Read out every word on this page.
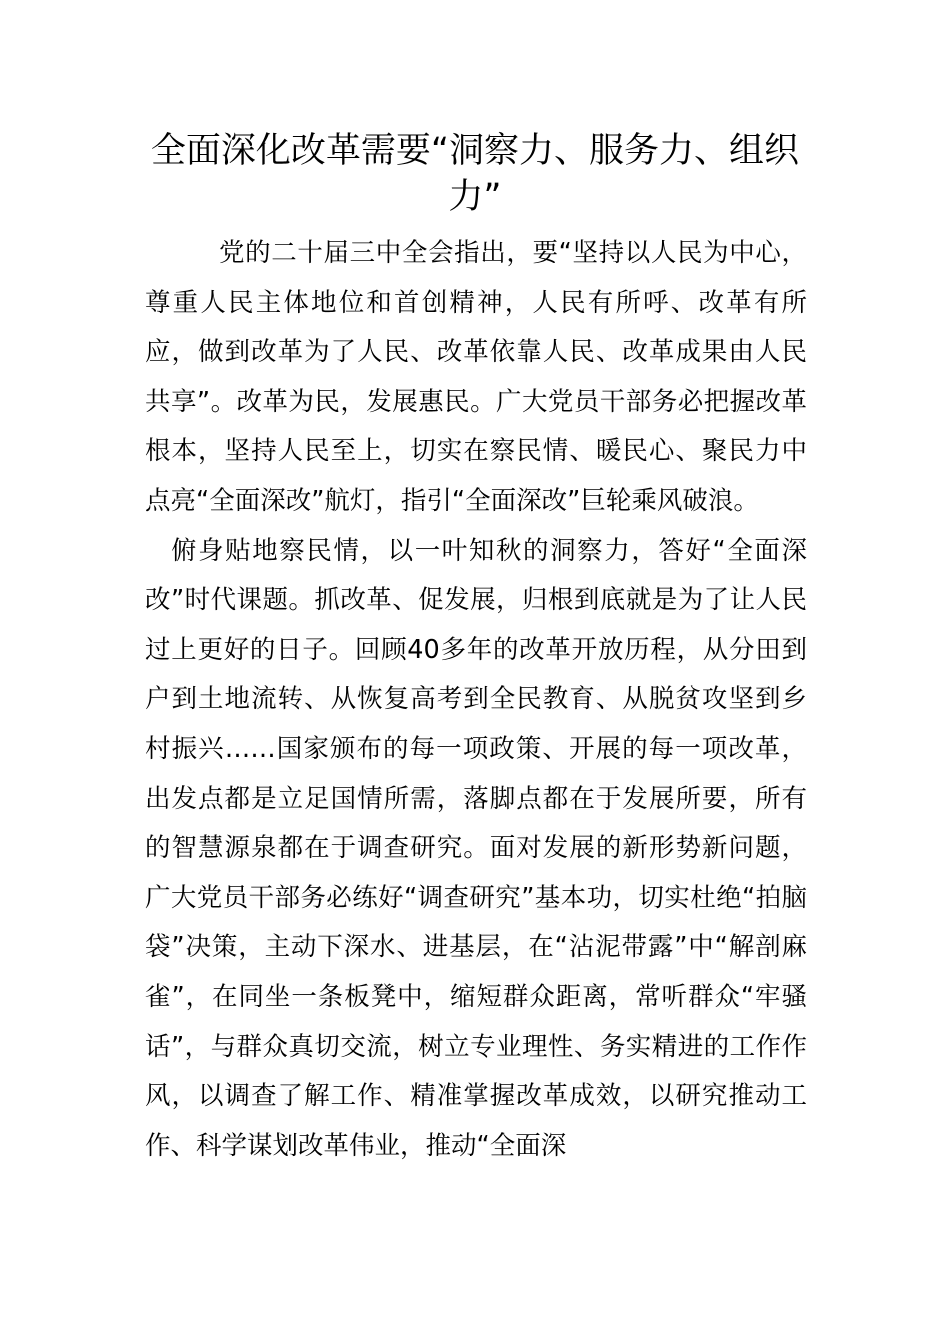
全面深化改革需要“洞察力、服务力、组织力”

党的二十届三中全会指出，要“坚持以人民为中心，尊重人民主体地位和首创精神，人民有所呼、改革有所应，做到改革为了人民、改革依靠人民、改革成果由人民共享”。改革为民，发展惠民。广大党员干部务必把握改革根本，坚持人民至上，切实在察民情、暖民心、聚民力中点亮“全面深改”航灯，指引“全面深改”巨轮乘风破浪。

俯身贴地察民情，以一叶知秋的洞察力，答好“全面深改”时代课题。抓改革、促发展，归根到底就是为了让人民过上更好的日子。回顾40多年的改革开放历程，从分田到户到土地流转、从恢复高考到全民教育、从脱贫攻坚到乡村振兴……国家颁布的每一项政策、开展的每一项改革，出发点都是立足国情所需，落脚点都在于发展所要，所有的智慧源泉都在于调查研究。面对发展的新形势新问题，广大党员干部务必练好“调查研究”基本功，切实杜绝“拍脑袋”决策，主动下深水、进基层，在“沾泥带露”中“解剖麻雀”，在同坐一条板凳中，缩短群众距离，常听群众“牢骚话”，与群众真切交流，树立专业理性、务实精进的工作作风，以调查了解工作、精准掌握改革成效，以研究推动工作、科学谋划改革伟业，推动“全面深
